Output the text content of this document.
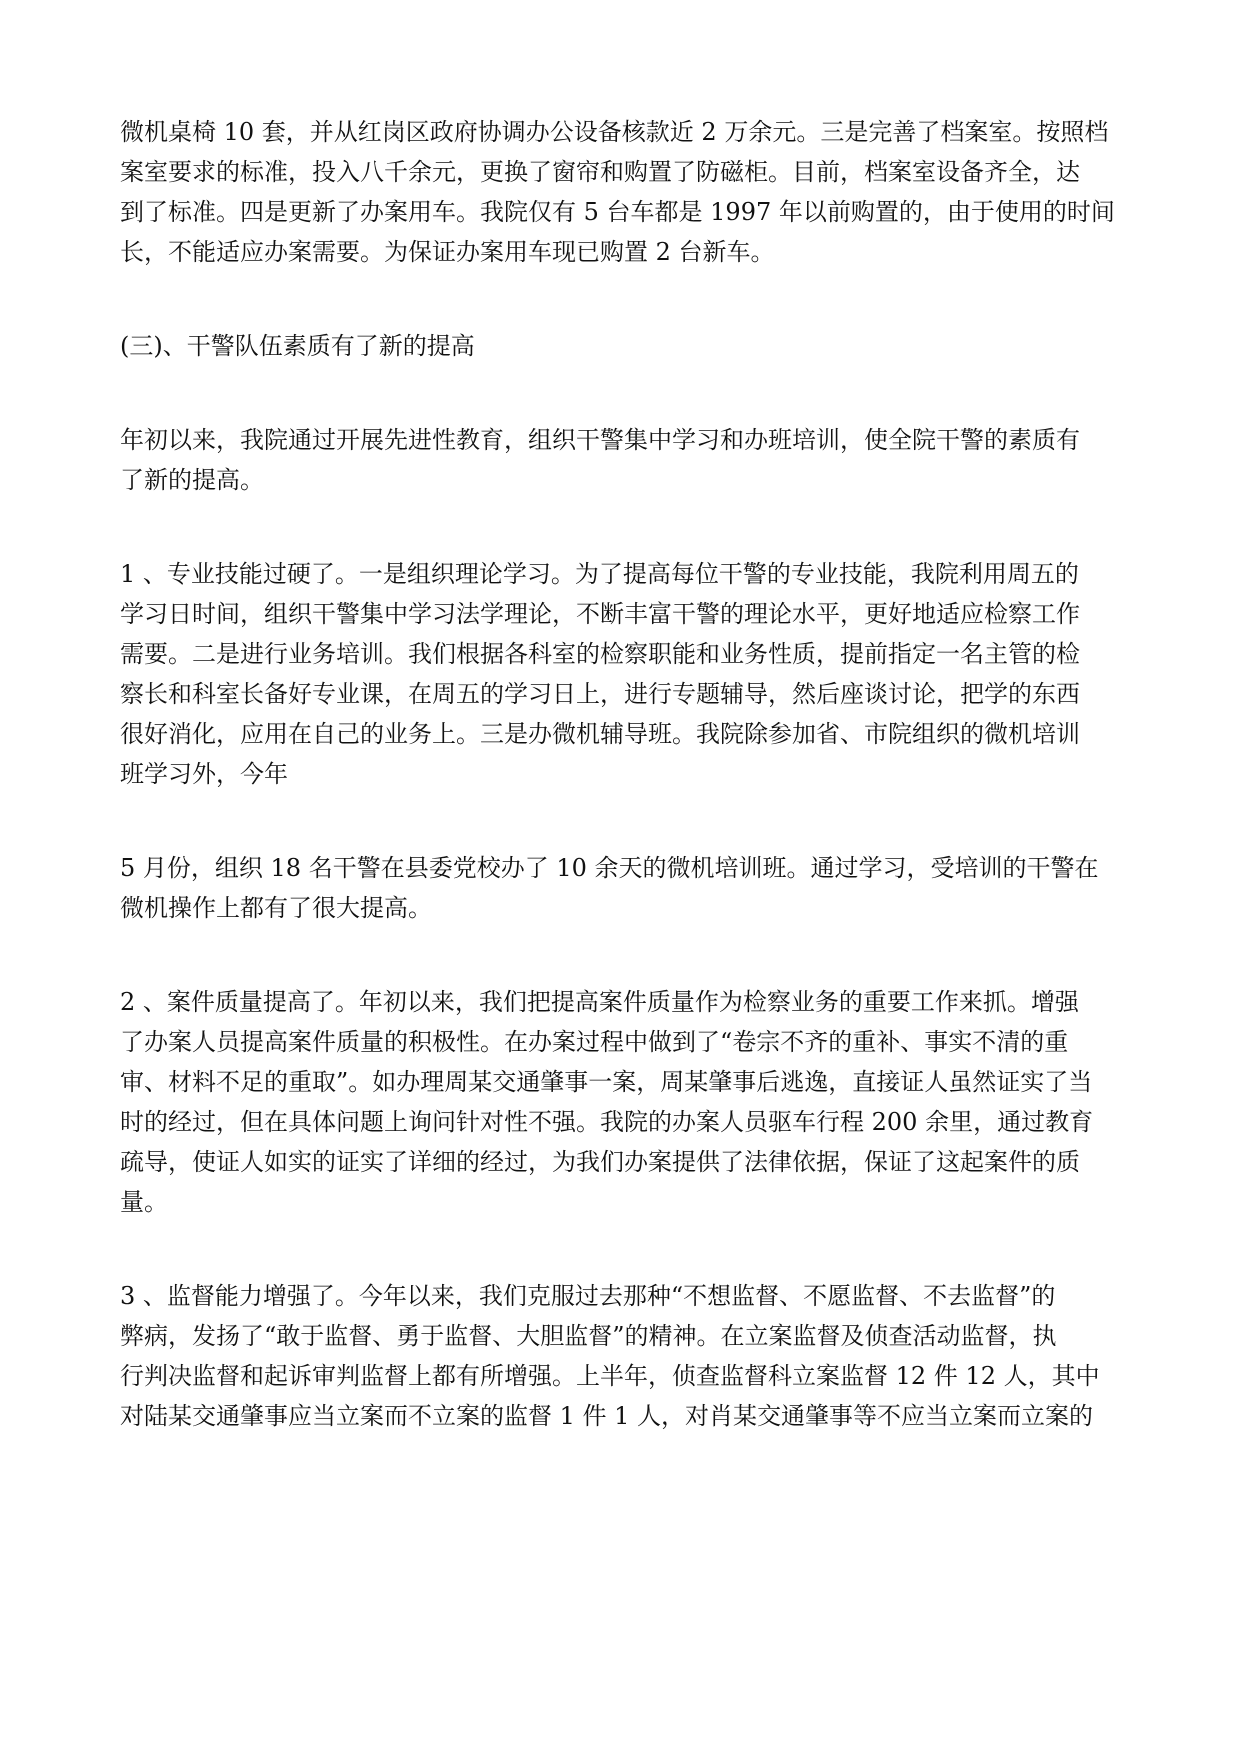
微机桌椅 10 套，并从红岗区政府协调办公设备核款近 2 万余元。三是完善了档案室。按照档
案室要求的标准，投入八千余元，更换了窗帘和购置了防磁柜。目前，档案室设备齐全，达
到了标准。四是更新了办案用车。我院仅有 5 台车都是 1997 年以前购置的，由于使用的时间
长，不能适应办案需要。为保证办案用车现已购置 2 台新车。

(三)、干警队伍素质有了新的提高

年初以来，我院通过开展先进性教育，组织干警集中学习和办班培训，使全院干警的素质有
了新的提高。

1 、专业技能过硬了。一是组织理论学习。为了提高每位干警的专业技能，我院利用周五的
学习日时间，组织干警集中学习法学理论，不断丰富干警的理论水平，更好地适应检察工作
需要。二是进行业务培训。我们根据各科室的检察职能和业务性质，提前指定一名主管的检
察长和科室长备好专业课，在周五的学习日上，进行专题辅导，然后座谈讨论，把学的东西
很好消化，应用在自己的业务上。三是办微机辅导班。我院除参加省、市院组织的微机培训
班学习外，今年

5 月份，组织 18 名干警在县委党校办了 10 余天的微机培训班。通过学习，受培训的干警在
微机操作上都有了很大提高。

2 、案件质量提高了。年初以来，我们把提高案件质量作为检察业务的重要工作来抓。增强
了办案人员提高案件质量的积极性。在办案过程中做到了“卷宗不齐的重补、事实不清的重
审、材料不足的重取”。如办理周某交通肇事一案，周某肇事后逃逸，直接证人虽然证实了当
时的经过，但在具体问题上询问针对性不强。我院的办案人员驱车行程 200 余里，通过教育
疏导，使证人如实的证实了详细的经过，为我们办案提供了法律依据，保证了这起案件的质
量。

3 、监督能力增强了。今年以来，我们克服过去那种“不想监督、不愿监督、不去监督”的
弊病，发扬了“敢于监督、勇于监督、大胆监督”的精神。在立案监督及侦查活动监督，执
行判决监督和起诉审判监督上都有所增强。上半年，侦查监督科立案监督 12 件 12 人，其中
对陆某交通肇事应当立案而不立案的监督 1 件 1 人，对肖某交通肇事等不应当立案而立案的
